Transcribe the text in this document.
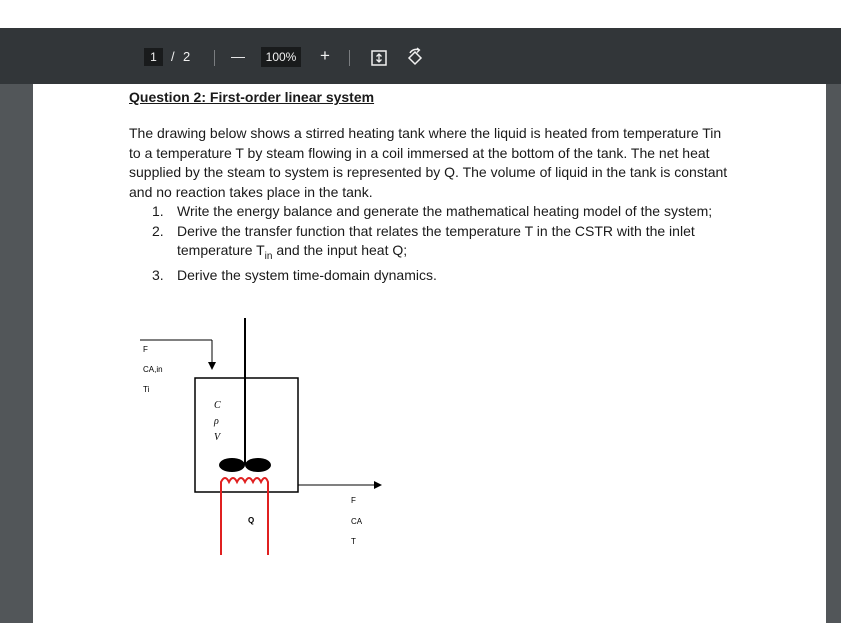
1	/ 2	—	100% +
Question 2: First-order linear system
The drawing below shows a stirred heating tank where the liquid is heated from temperature Tin to a temperature T by steam flowing in a coil immersed at the bottom of the tank. The net heat supplied by the steam to system is represented by Q. The volume of liquid in the tank is constant and no reaction takes place in the tank.
1. Write the energy balance and generate the mathematical heating model of the system;
2. Derive the transfer function that relates the temperature T in the CSTR with the inlet temperature $T_{in}$ and the input heat Q;
3. Derive the system time-domain dynamics.
F
CA,in
Ti
C
ρ
V
Q
F
CA
T
